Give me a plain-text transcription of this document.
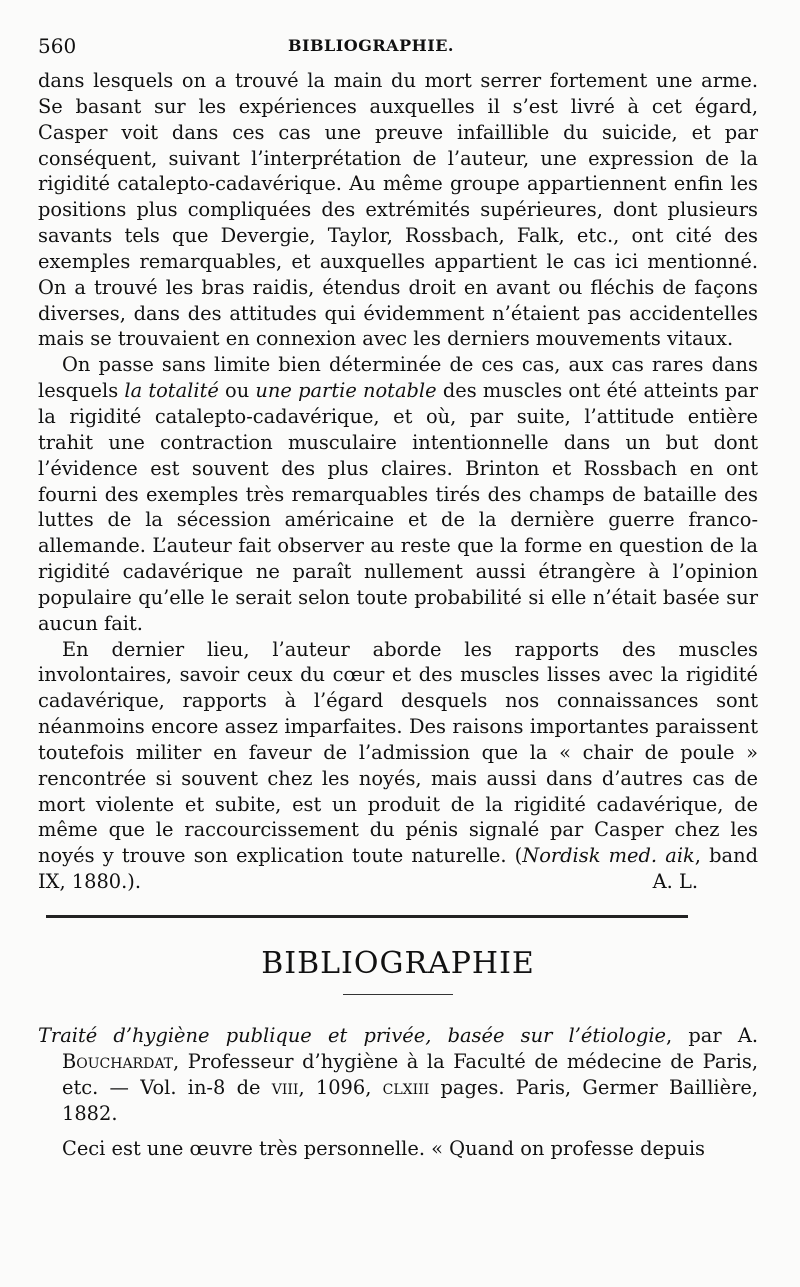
560	BIBLIOGRAPHIE.

dans lesquels on a trouvé la main du mort serrer fortement une arme. Se basant sur les expériences auxquelles il s’est livré à cet égard, Casper voit dans ces cas une preuve infaillible du suicide, et par conséquent, suivant l’interprétation de l’auteur, une expression de la rigidité catalepto-cadavérique. Au même groupe appartiennent enfin les positions plus compliquées des extrémités supérieures, dont plusieurs savants tels que Devergie, Taylor, Rossbach, Falk, etc., ont cité des exemples remarquables, et auxquelles appartient le cas ici mentionné. On a trouvé les bras raidis, étendus droit en avant ou fléchis de façons diverses, dans des attitudes qui évidemment n’étaient pas accidentelles mais se trouvaient en connexion avec les derniers mouvements vitaux.

On passe sans limite bien déterminée de ces cas, aux cas rares dans lesquels la totalité ou une partie notable des muscles ont été atteints par la rigidité catalepto-cadavérique, et où, par suite, l’attitude entière trahit une contraction musculaire intentionnelle dans un but dont l’évidence est souvent des plus claires. Brinton et Rossbach en ont fourni des exemples très remarquables tirés des champs de bataille des luttes de la sécession américaine et de la dernière guerre franco-allemande. L’auteur fait observer au reste que la forme en question de la rigidité cadavérique ne paraît nullement aussi étrangère à l’opinion populaire qu’elle le serait selon toute probabilité si elle n’était basée sur aucun fait.

En dernier lieu, l’auteur aborde les rapports des muscles involontaires, savoir ceux du cœur et des muscles lisses avec la rigidité cadavérique, rapports à l’égard desquels nos connaissances sont néanmoins encore assez imparfaites. Des raisons importantes paraissent toutefois militer en faveur de l’admission que la « chair de poule » rencontrée si souvent chez les noyés, mais aussi dans d’autres cas de mort violente et subite, est un produit de la rigidité cadavérique, de même que le raccourcissement du pénis signalé par Casper chez les noyés y trouve son explication toute naturelle. (Nordisk med. aik, band IX, 1880.).	A. L.

BIBLIOGRAPHIE
Traité d’hygiène publique et privée, basée sur l’étiologie, par A. Bouchardat, Professeur d’hygiène à la Faculté de médecine de Paris, etc. — Vol. in-8 de viii, 1096, clxiii pages. Paris, Germer Baillière, 1882.

Ceci est une œuvre très personnelle. « Quand on professe depuis
